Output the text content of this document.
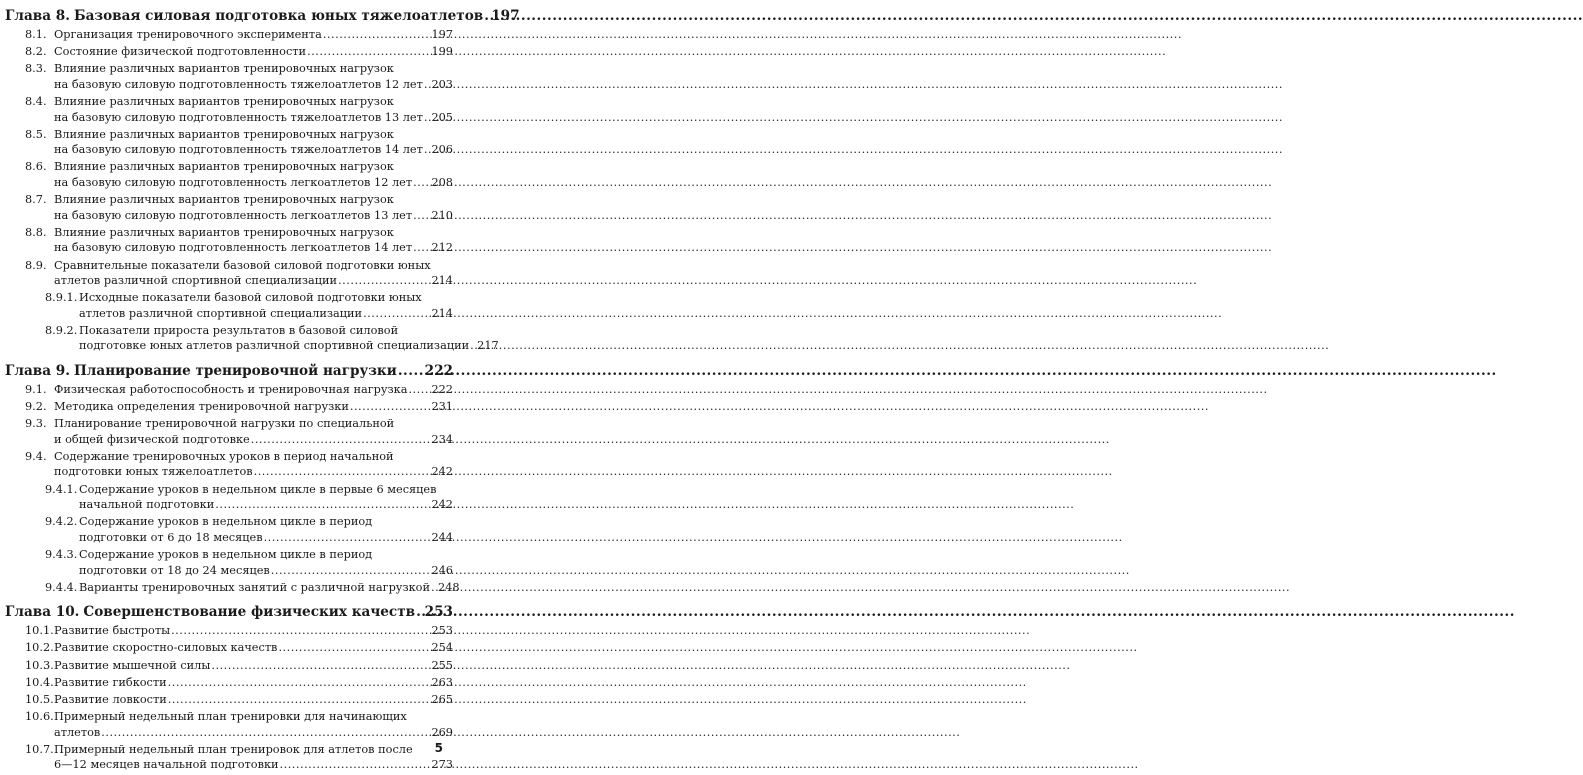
Глава 8. Базовая силовая подготовка юных тяжелоатлетов ..... 197
8.1. Организация тренировочного эксперимента .....	197
8.2. Состояние физической подготовленности .....	199
8.3. Влияние различных вариантов тренировочных нагрузок
на базовую силовую подготовленность тяжелоатлетов 12 лет ..... 203
8.4. Влияние различных вариантов тренировочных нагрузок
на базовую силовую подготовленность тяжелоатлетов 13 лет ..... 205
8.5. Влияние различных вариантов тренировочных нагрузок
на базовую силовую подготовленность тяжелоатлетов 14 лет ..... 206
8.6. Влияние различных вариантов тренировочных нагрузок
на базовую силовую подготовленность легкоатлетов 12 лет ..... 208
8.7. Влияние различных вариантов тренировочных нагрузок
на базовую силовую подготовленность легкоатлетов 13 лет ..... 210
8.8. Влияние различных вариантов тренировочных нагрузок
на базовую силовую подготовленность легкоатлетов 14 лет ..... 212
8.9. Сравнительные показатели базовой силовой подготовки юных
атлетов различной спортивной специализации .....	214
8.9.1. Исходные показатели базовой силовой подготовки юных
атлетов различной спортивной специализации .....	214
8.9.2. Показатели прироста результатов в базовой силовой
подготовке юных атлетов различной спортивной специализации ..... 217
Глава 9. Планирование тренировочной нагрузки ..... 222
9.1. Физическая работоспособность и тренировочная нагрузка ..... 222
9.2. Методика определения тренировочной нагрузки .....	231
9.3. Планирование тренировочной нагрузки по специальной
и общей физической подготовке .....	234
9.4. Содержание тренировочных уроков в период начальной
подготовки юных тяжелоатлетов .....	242
9.4.1. Содержание уроков в недельном цикле в первые 6 месяцев
начальной подготовки .....	242
9.4.2. Содержание уроков в недельном цикле в период
подготовки от 6 до 18 месяцев .....	244
9.4.3. Содержание уроков в недельном цикле в период
подготовки от 18 до 24 месяцев .....	246
9.4.4. Варианты тренировочных занятий с различной нагрузкой ..... 248
Глава 10. Совершенствование физических качеств ..... 253
10.1. Развитие быстроты .....	253
10.2. Развитие скоростно-силовых качеств .....	254
10.3. Развитие мышечной силы .....	255
10.4. Развитие гибкости .....	263
10.5. Развитие ловкости .....	265
10.6. Примерный недельный план тренировки для начинающих
атлетов .....	269
10.7. Примерный недельный план тренировок для атлетов после
6—12 месяцев начальной подготовки .....	273
5
